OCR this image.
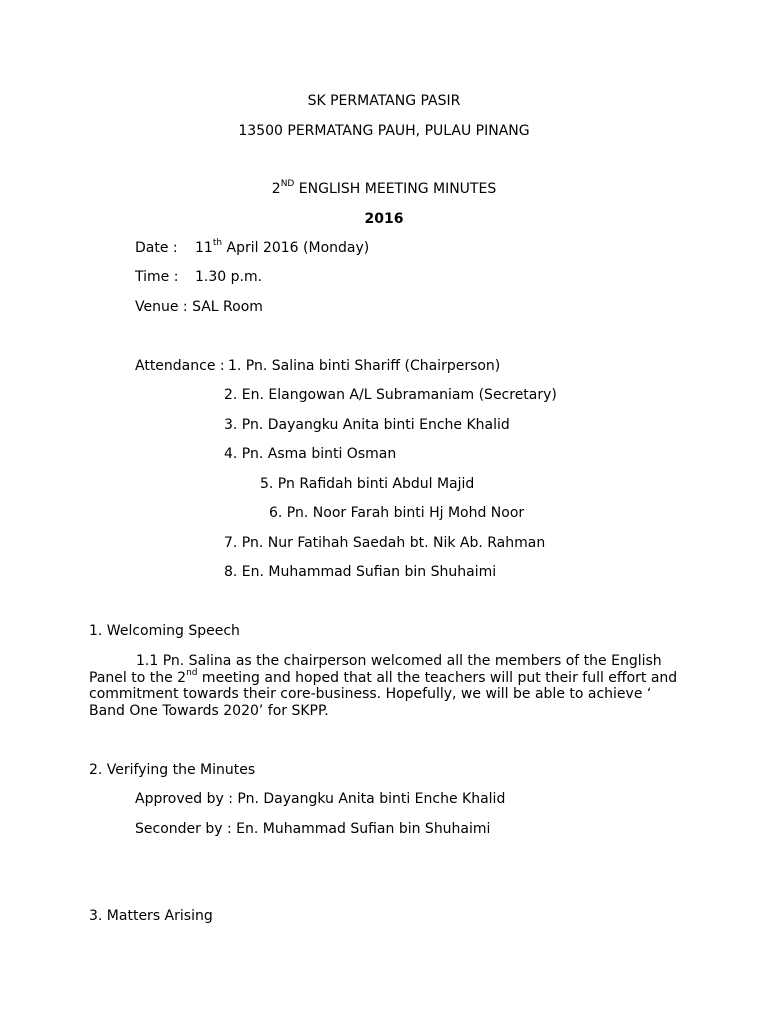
SK PERMATANG PASIR
13500 PERMATANG PAUH, PULAU PINANG
2ND ENGLISH MEETING MINUTES
2016
Date : 11th April 2016 (Monday)
Time : 1.30 p.m.
Venue : SAL Room
Attendance : 1. Pn. Salina binti Shariff (Chairperson)
2. En. Elangowan A/L Subramaniam (Secretary)
3. Pn. Dayangku Anita binti Enche Khalid
4. Pn. Asma binti Osman
5. Pn Rafidah binti Abdul Majid
6. Pn. Noor Farah binti Hj Mohd Noor
7. Pn. Nur Fatihah Saedah bt. Nik Ab. Rahman
8. En. Muhammad Sufian bin Shuhaimi
1. Welcoming Speech
1.1 Pn. Salina as the chairperson welcomed all the members of the English Panel to the 2nd meeting and hoped that all the teachers will put their full effort and commitment towards their core-business. Hopefully, we will be able to achieve ‘ Band One Towards 2020’ for SKPP.
2. Verifying the Minutes
Approved by : Pn. Dayangku Anita binti Enche Khalid
Seconder by : En. Muhammad Sufian bin Shuhaimi
3. Matters Arising
